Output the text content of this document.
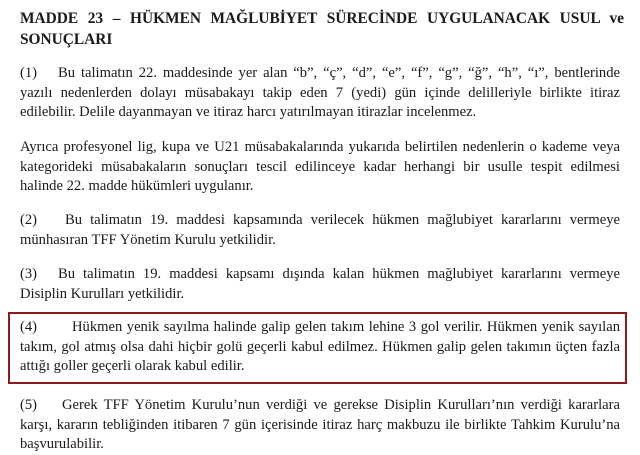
MADDE 23 – HÜKMEN MAĞLUBİYET SÜRECİNDE UYGULANACAK USUL ve SONUÇLARI

(1) Bu talimatın 22. maddesinde yer alan “b”, “ç”, “d”, “e”, “f”, “g”, “ğ”, “h”, “ı”, bentlerinde yazılı nedenlerden dolayı müsabakayı takip eden 7 (yedi) gün içinde delilleriyle birlikte itiraz edilebilir. Delile dayanmayan ve itiraz harcı yatırılmayan itirazlar incelenmez.

Ayrıca profesyonel lig, kupa ve U21 müsabakalarında yukarıda belirtilen nedenlerin o kademe veya kategorideki müsabakaların sonuçları tescil edilinceye kadar herhangi bir usulle tespit edilmesi halinde 22. madde hükümleri uygulanır.

(2) Bu talimatın 19. maddesi kapsamında verilecek hükmen mağlubiyet kararlarını vermeye münhasıran TFF Yönetim Kurulu yetkilidir.

(3) Bu talimatın 19. maddesi kapsamı dışında kalan hükmen mağlubiyet kararlarını vermeye Disiplin Kurulları yetkilidir.

(4) Hükmen yenik sayılma halinde galip gelen takım lehine 3 gol verilir. Hükmen yenik sayılan takım, gol atmış olsa dahi hiçbir golü geçerli kabul edilmez. Hükmen galip gelen takımın üçten fazla attığı goller geçerli olarak kabul edilir.

(5) Gerek TFF Yönetim Kurulu’nun verdiği ve gerekse Disiplin Kurulları’nın verdiği kararlara karşı, kararın tebliğinden itibaren 7 gün içerisinde itiraz harç makbuzu ile birlikte Tahkim Kurulu’na başvurulabilir.
